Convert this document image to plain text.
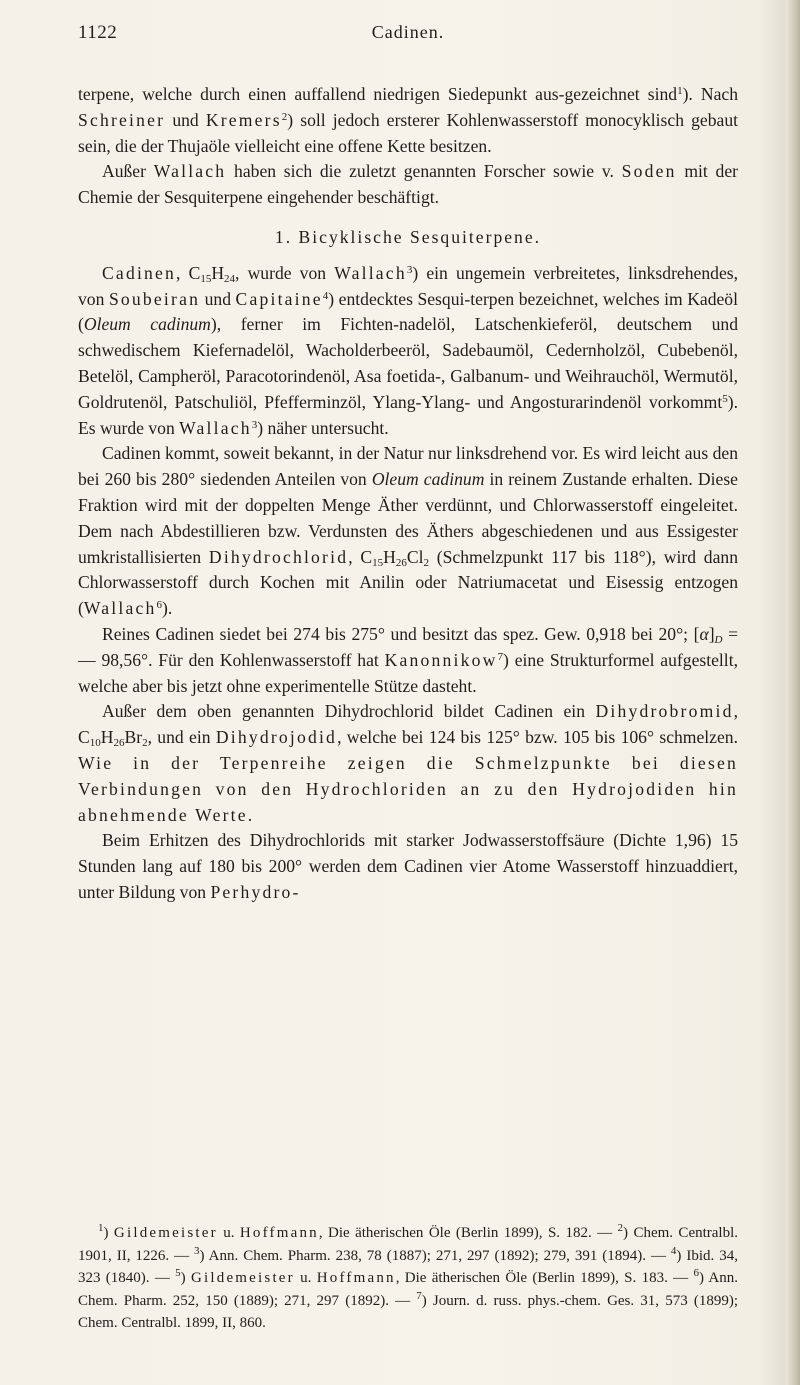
1122	Cadinen.

terpene, welche durch einen auffallend niedrigen Siedepunkt aus-gezeichnet sind$^1$). Nach Schreiner und Kremers$^2$) soll jedoch ersterer Kohlenwasserstoff monocyklisch gebaut sein, die der Thujaöle vielleicht eine offene Kette besitzen.

Außer Wallach haben sich die zuletzt genannten Forscher sowie v. Soden mit der Chemie der Sesquiterpene eingehender beschäftigt.

1. Bicyklische Sesquiterpene.

Cadinen, $C_{15}H_{24}$, wurde von Wallach$^3$) ein ungemein verbreitetes, linksdrehendes, von Soubeiran und Capitaine$^4$) entdecktes Sesqui-terpen bezeichnet, welches im Kadeöl (Oleum cadinum), ferner im Fichten-nadelöl, Latschenkieferöl, deutschem und schwedischem Kiefernadelöl, Wacholderbeeröl, Sadebaumöl, Cedernholzöl, Cubebenöl, Betelöl, Campheröl, Paracotorindenöl, Asa foetida-, Galbanum- und Weihrauchöl, Wermutöl, Goldrutenöl, Patschuliöl, Pfefferminzöl, Ylang-Ylang- und Angosturarindenöl vorkommt$^5$). Es wurde von Wallach$^3$) näher untersucht.

Cadinen kommt, soweit bekannt, in der Natur nur linksdrehend vor. Es wird leicht aus den bei 260 bis 280° siedenden Anteilen von Oleum cadinum in reinem Zustande erhalten. Diese Fraktion wird mit der doppelten Menge Äther verdünnt, und Chlorwasserstoff eingeleitet. Dem nach Abdestillieren bzw. Verdunsten des Äthers abgeschiedenen und aus Essigester umkristallisierten Dihydrochlorid, $C_{15}H_{26}Cl_2$ (Schmelzpunkt 117 bis 118°), wird dann Chlorwasserstoff durch Kochen mit Anilin oder Natriumacetat und Eisessig entzogen (Wallach$^6$).

Reines Cadinen siedet bei 274 bis 275° und besitzt das spez. Gew. 0,918 bei 20°; $[\alpha]_D$ = — 98,56°. Für den Kohlenwasserstoff hat Kanonnikow$^7$) eine Strukturformel aufgestellt, welche aber bis jetzt ohne experimentelle Stütze dasteht.

Außer dem oben genannten Dihydrochlorid bildet Cadinen ein Dihydrobromid, $C_{10}H_{26}Br_2$, und ein Dihydrojodid, welche bei 124 bis 125° bzw. 105 bis 106° schmelzen. Wie in der Terpenreihe zeigen die Schmelzpunkte bei diesen Verbindungen von den Hydrochloriden an zu den Hydrojodiden hin abnehmende Werte.

Beim Erhitzen des Dihydrochlorids mit starker Jodwasserstoffsäure (Dichte 1,96) 15 Stunden lang auf 180 bis 200° werden dem Cadinen vier Atome Wasserstoff hinzuaddiert, unter Bildung von Perhydro-

$^1$) Gildemeister u. Hoffmann, Die ätherischen Öle (Berlin 1899), S. 182. — $^2$) Chem. Centralbl. 1901, II, 1226. — $^3$) Ann. Chem. Pharm. 238, 78 (1887); 271, 297 (1892); 279, 391 (1894). — $^4$) Ibid. 34, 323 (1840). — $^5$) Gildemeister u. Hoffmann, Die ätherischen Öle (Berlin 1899), S. 183. — $^6$) Ann. Chem. Pharm. 252, 150 (1889); 271, 297 (1892). — $^7$) Journ. d. russ. phys.-chem. Ges. 31, 573 (1899); Chem. Centralbl. 1899, II, 860.
